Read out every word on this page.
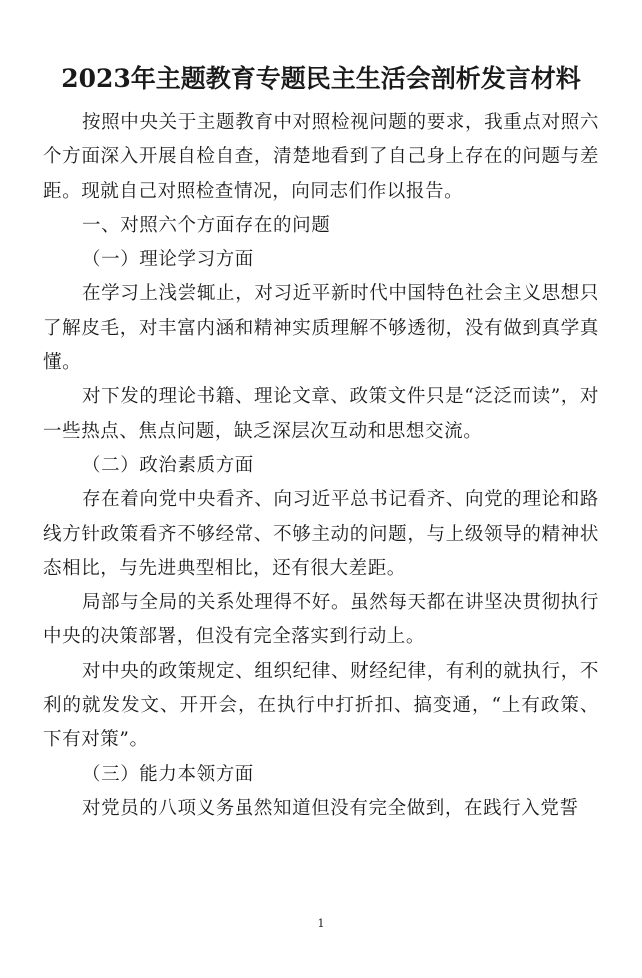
2023年主题教育专题民主生活会剖析发言材料

按照中央关于主题教育中对照检视问题的要求，我重点对照六个方面深入开展自检自查，清楚地看到了自己身上存在的问题与差距。现就自己对照检查情况，向同志们作以报告。

一、对照六个方面存在的问题

（一）理论学习方面

在学习上浅尝辄止，对习近平新时代中国特色社会主义思想只了解皮毛，对丰富内涵和精神实质理解不够透彻，没有做到真学真懂。

对下发的理论书籍、理论文章、政策文件只是“泛泛而读”，对一些热点、焦点问题，缺乏深层次互动和思想交流。

（二）政治素质方面

存在着向党中央看齐、向习近平总书记看齐、向党的理论和路线方针政策看齐不够经常、不够主动的问题，与上级领导的精神状态相比，与先进典型相比，还有很大差距。

局部与全局的关系处理得不好。虽然每天都在讲坚决贯彻执行中央的决策部署，但没有完全落实到行动上。

对中央的政策规定、组织纪律、财经纪律，有利的就执行，不利的就发发文、开开会，在执行中打折扣、搞变通，“上有政策、下有对策”。

（三）能力本领方面

对党员的八项义务虽然知道但没有完全做到，在践行入党誓

1
